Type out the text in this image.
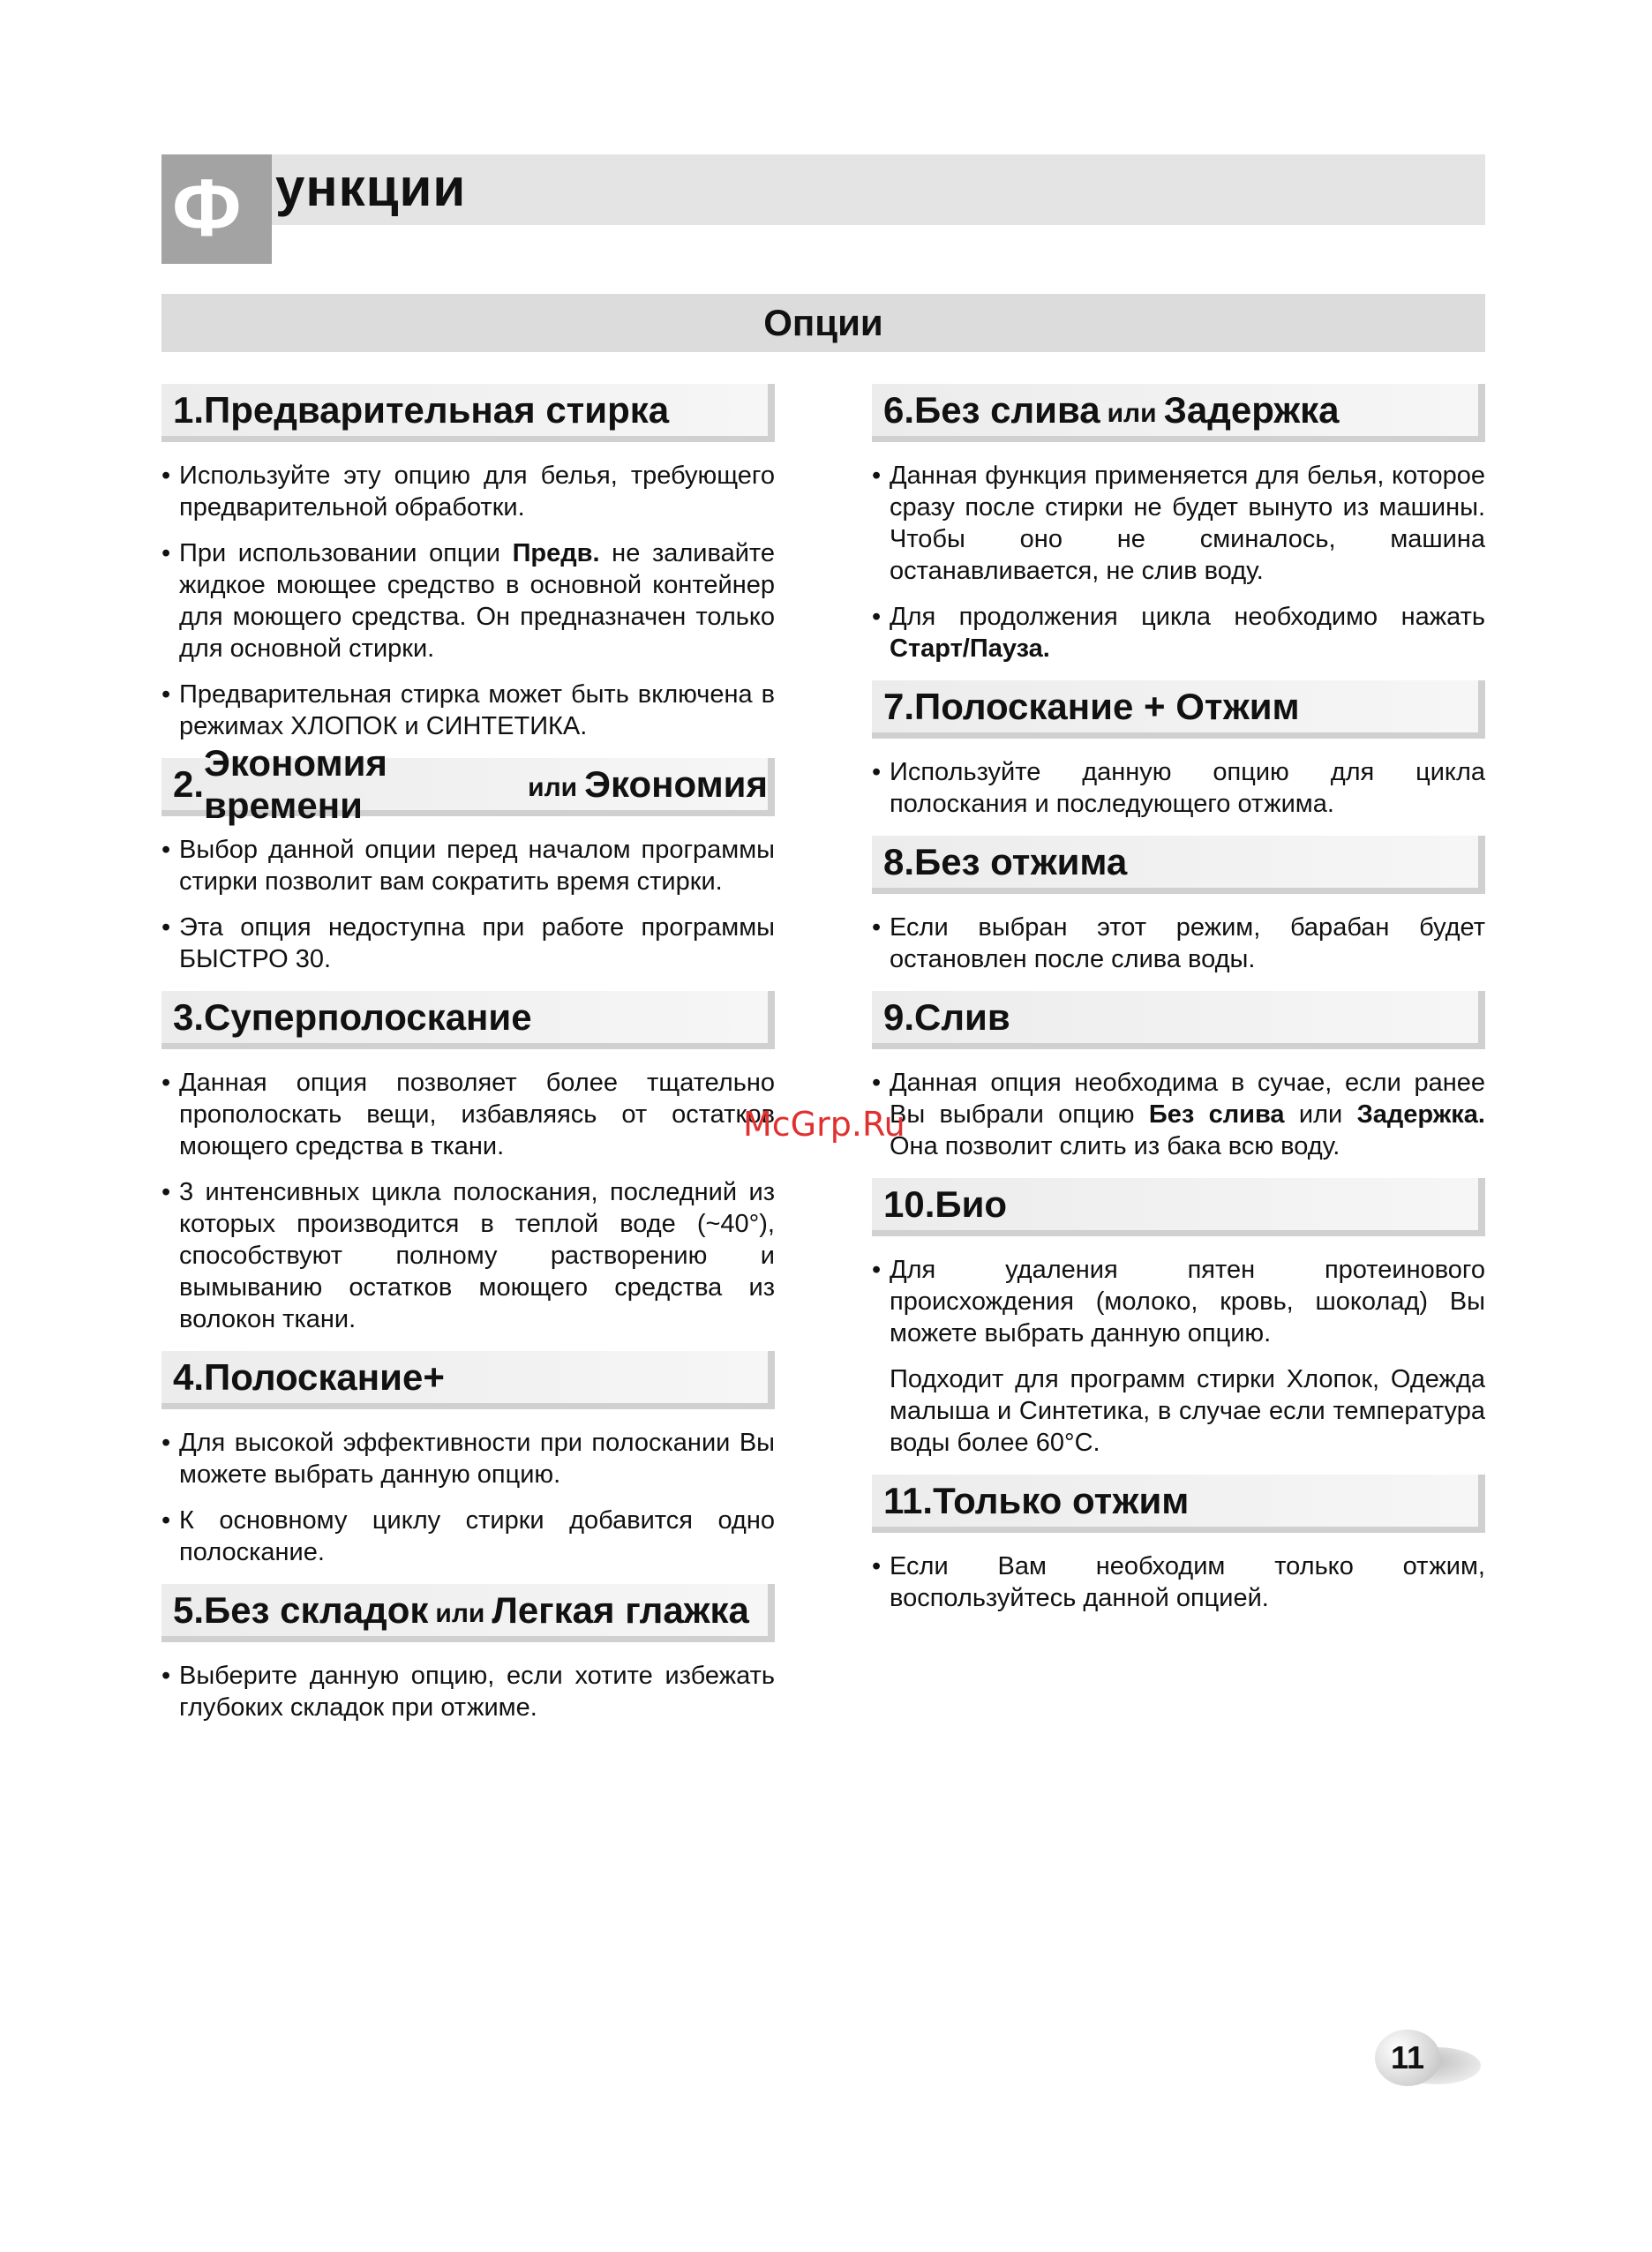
Ф ункции
Опции
1. Предварительная стирка
• Используйте эту опцию для белья, требующего предварительной обработки.
• При использовании опции Предв. не заливайте жидкое моющее средство в основной контейнер для моющего средства. Он предназначен только для основной стирки.
• Предварительная стирка может быть включена в режимах ХЛОПОК и СИНТЕТИКА.
2.
Экономия времени	или Экономия
• Выбор данной опции перед началом программы стирки позволит вам сократить время стирки.
• Эта опция недоступна при работе программы БЫСТРО 30.
3. Суперполоскание
• Данная опция позволяет более тщательно прополоскать вещи, избавляясь от остатков моющего средства в ткани.
• 3 интенсивных цикла полоскания, последний из которых производится в теплой воде (~40°), способствуют полному растворению и вымыванию остатков моющего средства из волокон ткани.
4. Полоскание+
• Для высокой эффективности при полоскании Вы можете выбрать данную опцию.
• К основному циклу стирки добавится одно полоскание.
5. Без складок или Легкая глажка
• Выберите данную опцию, если хотите избежать глубоких складок при отжиме.
6. Без слива или Задержка
• Данная функция применяется для белья, которое сразу после стирки не будет вынуто из машины. Чтобы оно не сминалось, машина останавливается, не слив воду.
• Для продолжения цикла необходимо нажать Старт/Пауза.
7. Полоскание + Отжим
• Используйте данную опцию для цикла полоскания и последующего отжима.
8. Без отжима
• Если выбран этот режим, барабан будет остановлен после слива воды.
9. Слив
• Данная опция необходима в сучае, если ранее Вы выбрали опцию Без слива или Задержка. Она позволит слить из бака всю воду.
10. Био
• Для удаления пятен протеинового происхождения (молоко, кровь, шоколад) Вы можете выбрать данную опцию.
Подходит для программ стирки Хлопок, Одежда малыша и Синтетика, в случае если температура воды более 60°C.
11. Только отжим
• Если Вам необходим только отжим, воспользуйтесь данной опцией.
McGrp.Ru
11
